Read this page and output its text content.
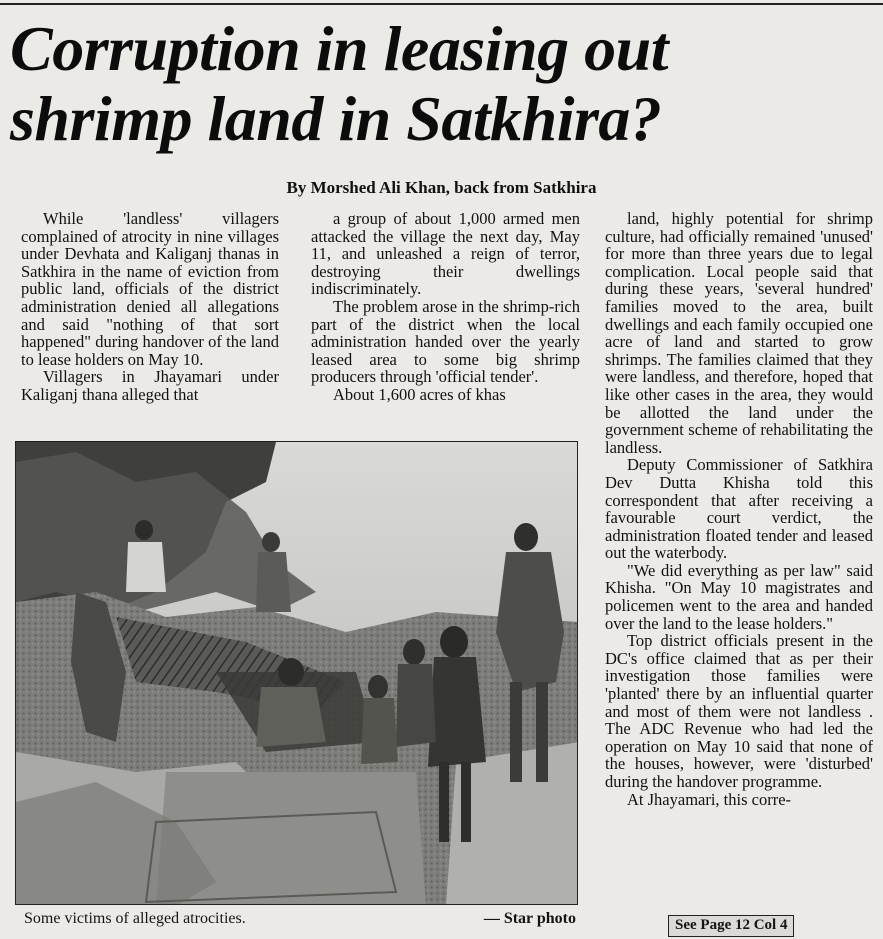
Corruption in leasing out
shrimp land in Satkhira?
By Morshed Ali Khan, back from Satkhira

While 'landless' villagers complained of atrocity in nine villages under Devhata and Kaliganj thanas in Satkhira in the name of eviction from public land, officials of the district administration denied all allegations and said "nothing of that sort happened" during handover of the land to lease holders on May 10.

Villagers in Jhayamari under Kaliganj thana alleged that

a group of about 1,000 armed men attacked the village the next day, May 11, and unleashed a reign of terror, destroying their dwellings indiscriminately.

The problem arose in the shrimp-rich part of the district when the local administration handed over the yearly leased area to some big shrimp producers through 'official tender'.

About 1,600 acres of khas

land, highly potential for shrimp culture, had officially remained 'unused' for more than three years due to legal complication. Local people said that during these years, 'several hundred' families moved to the area, built dwellings and each family occupied one acre of land and started to grow shrimps. The families claimed that they were landless, and therefore, hoped that like other cases in the area, they would be allotted the land under the government scheme of rehabilitating the landless.

Deputy Commissioner of Satkhira Dev Dutta Khisha told this correspondent that after receiving a favourable court verdict, the administration floated tender and leased out the waterbody.

"We did everything as per law" said Khisha. "On May 10 magistrates and policemen went to the area and handed over the land to the lease holders."

Top district officials present in the DC's office claimed that as per their investigation those families were 'planted' there by an influential quarter and most of them were not landless . The ADC Revenue who had led the operation on May 10 said that none of the houses, however, were 'disturbed' during the handover programme.

At Jhayamari, this corre-

Some victims of alleged atrocities.	— Star photo	See Page 12 Col 4
